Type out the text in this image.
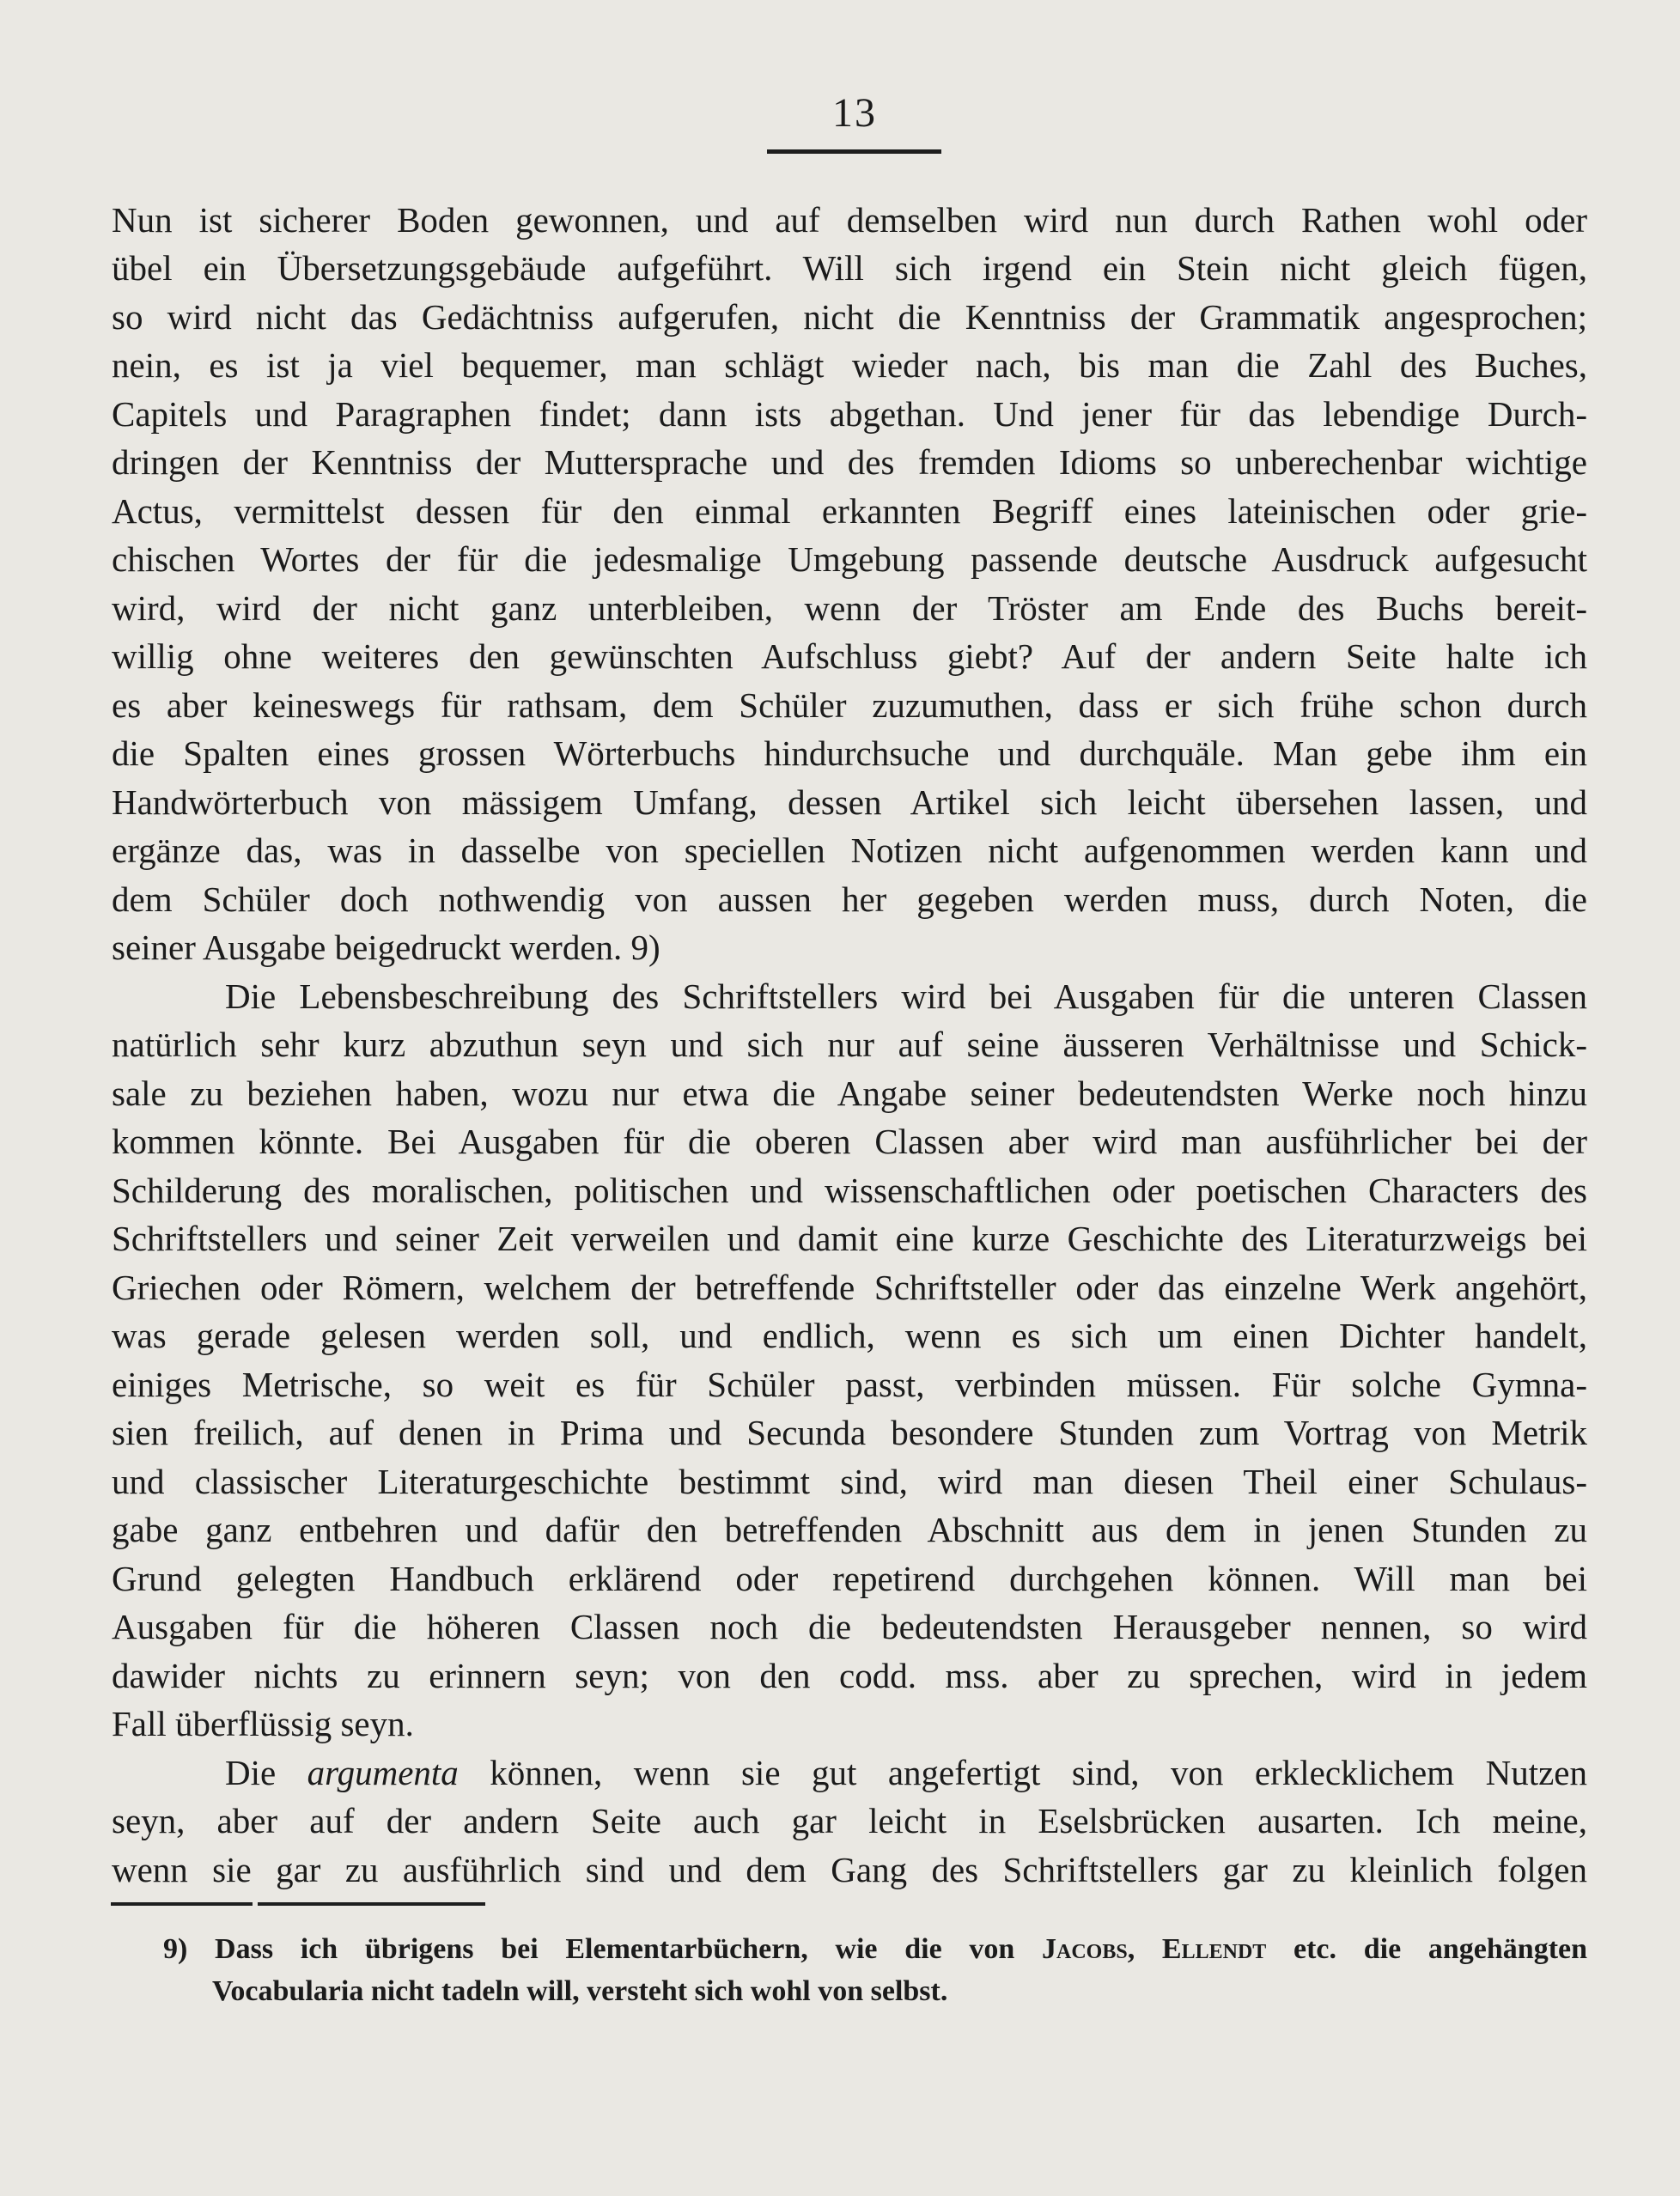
13
Nun ist sicherer Boden gewonnen, und auf demselben wird nun durch Rathen wohl oder
übel ein Übersetzungsgebäude aufgeführt. Will sich irgend ein Stein nicht gleich fügen,
so wird nicht das Gedächtniss aufgerufen, nicht die Kenntniss der Grammatik angesprochen;
nein, es ist ja viel bequemer, man schlägt wieder nach, bis man die Zahl des Buches,
Capitels und Paragraphen findet; dann ists abgethan. Und jener für das lebendige Durch-
dringen der Kenntniss der Muttersprache und des fremden Idioms so unberechenbar wichtige
Actus, vermittelst dessen für den einmal erkannten Begriff eines lateinischen oder grie-
chischen Wortes der für die jedesmalige Umgebung passende deutsche Ausdruck aufgesucht
wird, wird der nicht ganz unterbleiben, wenn der Tröster am Ende des Buchs bereit-
willig ohne weiteres den gewünschten Aufschluss giebt? Auf der andern Seite halte ich
es aber keineswegs für rathsam, dem Schüler zuzumuthen, dass er sich frühe schon durch
die Spalten eines grossen Wörterbuchs hindurchsuche und durchquäle. Man gebe ihm ein
Handwörterbuch von mässigem Umfang, dessen Artikel sich leicht übersehen lassen, und
ergänze das, was in dasselbe von speciellen Notizen nicht aufgenommen werden kann und
dem Schüler doch nothwendig von aussen her gegeben werden muss, durch Noten, die
seiner Ausgabe beigedruckt werden. 9)
Die Lebensbeschreibung des Schriftstellers wird bei Ausgaben für die unteren Classen
natürlich sehr kurz abzuthun seyn und sich nur auf seine äusseren Verhältnisse und Schick-
sale zu beziehen haben, wozu nur etwa die Angabe seiner bedeutendsten Werke noch hinzu
kommen könnte. Bei Ausgaben für die oberen Classen aber wird man ausführlicher bei der
Schilderung des moralischen, politischen und wissenschaftlichen oder poetischen Characters des
Schriftstellers und seiner Zeit verweilen und damit eine kurze Geschichte des Literaturzweigs bei
Griechen oder Römern, welchem der betreffende Schriftsteller oder das einzelne Werk angehört,
was gerade gelesen werden soll, und endlich, wenn es sich um einen Dichter handelt,
einiges Metrische, so weit es für Schüler passt, verbinden müssen. Für solche Gymna-
sien freilich, auf denen in Prima und Secunda besondere Stunden zum Vortrag von Metrik
und classischer Literaturgeschichte bestimmt sind, wird man diesen Theil einer Schulaus-
gabe ganz entbehren und dafür den betreffenden Abschnitt aus dem in jenen Stunden zu
Grund gelegten Handbuch erklärend oder repetirend durchgehen können. Will man bei
Ausgaben für die höheren Classen noch die bedeutendsten Herausgeber nennen, so wird
dawider nichts zu erinnern seyn; von den codd. mss. aber zu sprechen, wird in jedem
Fall überflüssig seyn.
Die argumenta können, wenn sie gut angefertigt sind, von erklecklichem Nutzen
seyn, aber auf der andern Seite auch gar leicht in Eselsbrücken ausarten. Ich meine,
wenn sie gar zu ausführlich sind und dem Gang des Schriftstellers gar zu kleinlich folgen
9) Dass ich übrigens bei Elementarbüchern, wie die von Jacobs, Ellendt etc. die angehängten
Vocabularia nicht tadeln will, versteht sich wohl von selbst.
